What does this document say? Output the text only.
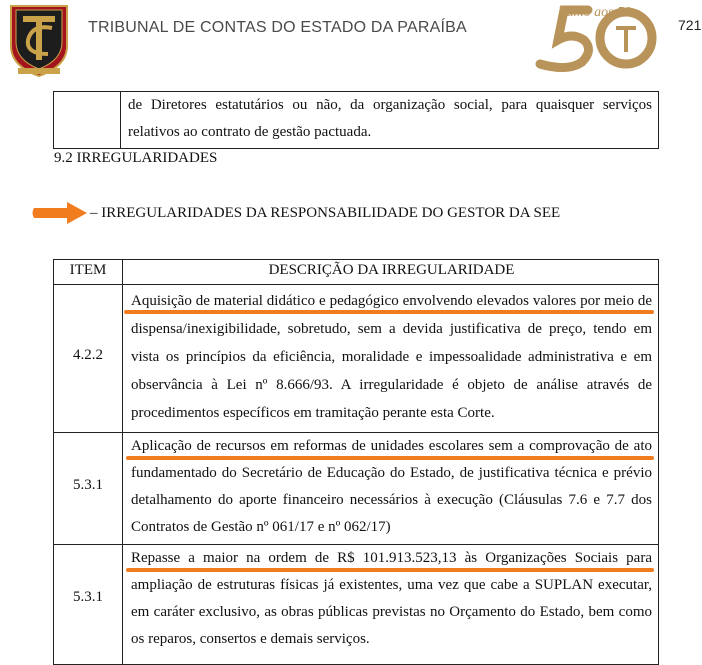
TRIBUNAL DE CONTAS DO ESTADO DA PARAÍBA
Rumo aos 50
721
de Diretores estatutários ou não, da organização social, para quaisquer serviços relativos ao contrato de gestão pactuada.
9.2 IRREGULARIDADES
– IRREGULARIDADES DA RESPONSABILIDADE DO GESTOR DA SEE
ITEM	DESCRIÇÃO DA IRREGULARIDADE
4.2.2
Aquisição de material didático e pedagógico envolvendo elevados valores por meio de dispensa/inexigibilidade, sobretudo, sem a devida justificativa de preço, tendo em vista os princípios da eficiência, moralidade e impessoalidade administrativa e em observância à Lei nº 8.666/93. A irregularidade é objeto de análise através de procedimentos específicos em tramitação perante esta Corte.
5.3.1
Aplicação de recursos em reformas de unidades escolares sem a comprovação de ato fundamentado do Secretário de Educação do Estado, de justificativa técnica e prévio detalhamento do aporte financeiro necessários à execução (Cláusulas 7.6 e 7.7 dos Contratos de Gestão nº 061/17 e nº 062/17)
5.3.1
Repasse a maior na ordem de R$ 101.913.523,13 às Organizações Sociais para ampliação de estruturas físicas já existentes, uma vez que cabe a SUPLAN executar, em caráter exclusivo, as obras públicas previstas no Orçamento do Estado, bem como os reparos, consertos e demais serviços.
